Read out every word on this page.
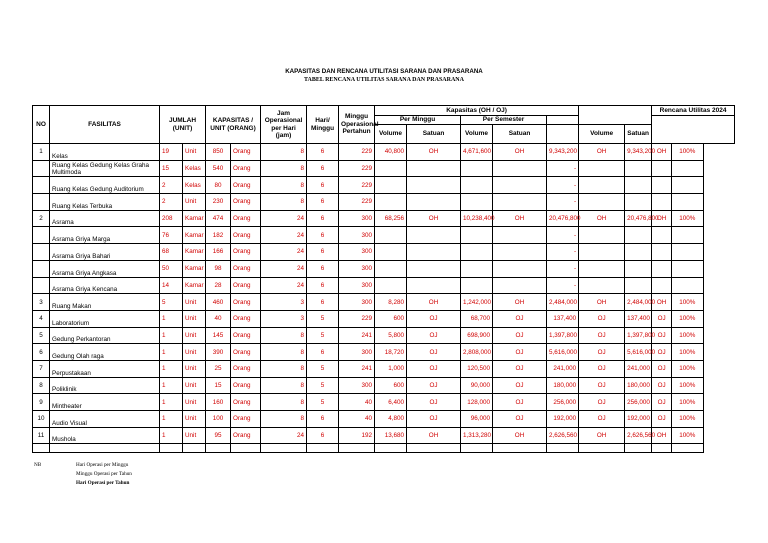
KAPASITAS DAN RENCANA UTILITASI SARANA DAN PRASARANA
TABEL RENCANA UTILITAS SARANA DAN PRASARANA
NO	FASILITAS	JUMLAH (UNIT)		KAPASITAS / UNIT (ORANG)		Jam Operasional per Hari (jam)	Hari/ Minggu	Minggu Operasional Pertahun	Kapasitas (OH / OJ)							Rencana Utilitas 2024	
									Per Minggu		Per Semester						
									Volume	Satuan	Volume	Satuan		Volume	Satuan		
1	Kelas	19	Unit	850	Orang	8	6	229	40,800	OH	4,671,600	OH	9,343,200	OH	9,343,200	OH	100%
	Ruang Kelas Gedung Kelas Graha Multimoda	15	Kelas	540	Orang	8	6	229					-				
	Ruang Kelas Gedung Auditorium	2	Kelas	80	Orang	8	6	229					-				
	Ruang Kelas Terbuka	2	Unit	230	Orang	8	6	229					-				
2	Asrama	208	Kamar	474	Orang	24	6	300	68,256	OH	10,238,400	OH	20,476,800	OH	20,476,800	OH	100%
	Asrama Griya Marga	76	Kamar	182	Orang	24	6	300					-				
	Asrama Griya Bahari	68	Kamar	166	Orang	24	6	300					-				
	Asrama Griya Angkasa	50	Kamar	98	Orang	24	6	300					-				
	Asrama Griya Kencana	14	Kamar	28	Orang	24	6	300					-				
3	Ruang Makan	5	Unit	460	Orang	3	6	300	8,280	OH	1,242,000	OH	2,484,000	OH	2,484,000	OH	100%
4	Laboratorium	1	Unit	40	Orang	3	5	229	600	OJ	68,700	OJ	137,400	OJ	137,400	OJ	100%
5	Gedung Perkantoran	1	Unit	145	Orang	8	5	241	5,800	OJ	698,900	OJ	1,397,800	OJ	1,397,800	OJ	100%
6	Gedung Olah raga	1	Unit	390	Orang	8	6	300	18,720	OJ	2,808,000	OJ	5,616,000	OJ	5,616,000	OJ	100%
7	Perpustakaan	1	Unit	25	Orang	8	5	241	1,000	OJ	120,500	OJ	241,000	OJ	241,000	OJ	100%
8	Poliklinik	1	Unit	15	Orang	8	5	300	600	OJ	90,000	OJ	180,000	OJ	180,000	OJ	100%
9	Mintheater	1	Unit	160	Orang	8	5	40	6,400	OJ	128,000	OJ	256,000	OJ	256,000	OJ	100%
10	Audio Visual	1	Unit	100	Orang	8	6	40	4,800	OJ	96,000	OJ	192,000	OJ	192,000	OJ	100%
11	Mushola	1	Unit	95	Orang	24	6	192	13,680	OH	1,313,280	OH	2,626,560	OH	2,626,560	OH	100%

NB	Hari Operasi per Minggu
Minggu Operasi per Tahun
Hari Operasi per Tahun
